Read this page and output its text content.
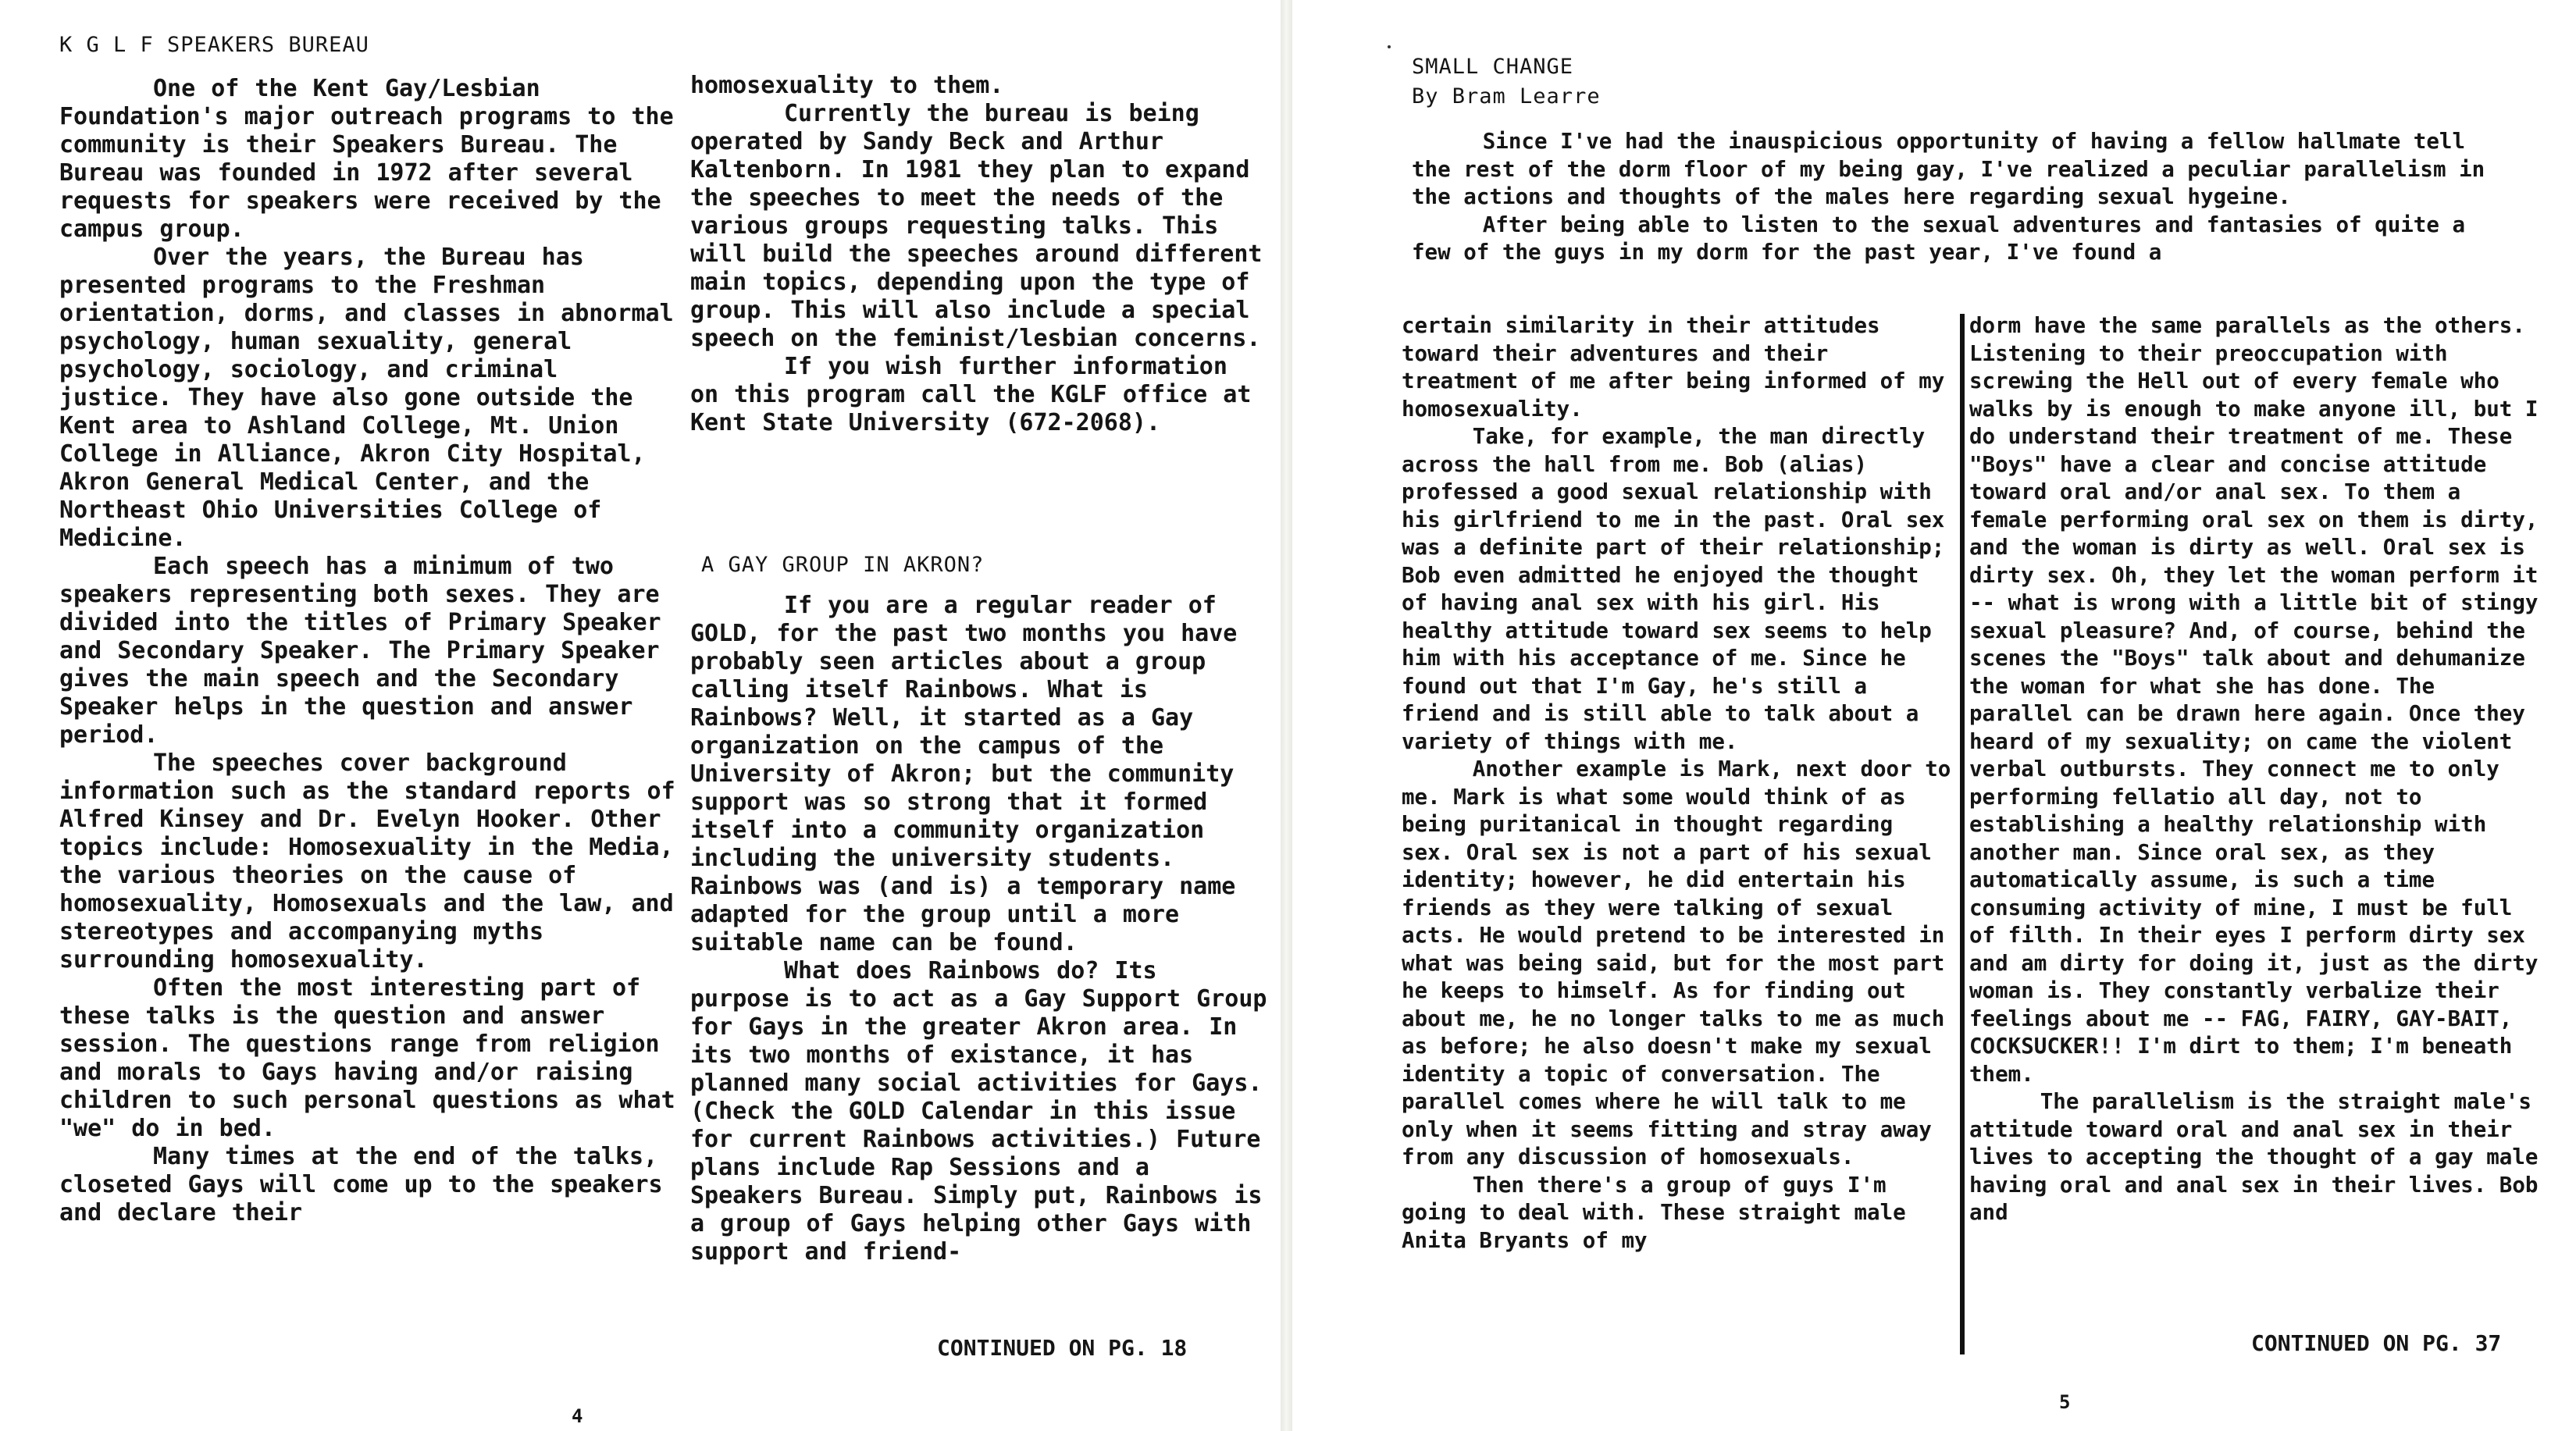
K G L F SPEAKERS BUREAU

One of the Kent Gay/Lesbian Foundation's major outreach programs to the community is their Speakers Bureau. The Bureau was founded in 1972 after several requests for speakers were received by the campus group.

Over the years, the Bureau has presented programs to the Freshman orientation, dorms, and classes in abnormal psychology, human sexuality, general psychology, sociology, and criminal justice. They have also gone outside the Kent area to Ashland College, Mt. Union College in Alliance, Akron City Hospital, Akron General Medical Center, and the Northeast Ohio Universities College of Medicine.

Each speech has a minimum of two speakers representing both sexes. They are divided into the titles of Primary Speaker and Secondary Speaker. The Primary Speaker gives the main speech and the Secondary Speaker helps in the question and answer period.

The speeches cover background information such as the standard reports of Alfred Kinsey and Dr. Evelyn Hooker. Other topics include: Homosexuality in the Media, the various theories on the cause of homosexuality, Homosexuals and the law, and stereotypes and accompanying myths surrounding homosexuality.

Often the most interesting part of these talks is the question and answer session. The questions range from religion and morals to Gays having and/or raising children to such personal questions as what "we" do in bed.

Many times at the end of the talks, closeted Gays will come up to the speakers and declare their

homosexuality to them.

Currently the bureau is being operated by Sandy Beck and Arthur Kaltenborn. In 1981 they plan to expand the speeches to meet the needs of the various groups requesting talks. This will build the speeches around different main topics, depending upon the type of group. This will also include a special speech on the feminist/lesbian concerns.

If you wish further information on this program call the KGLF office at Kent State University (672-2068).

A GAY GROUP IN AKRON?

If you are a regular reader of GOLD, for the past two months you have probably seen articles about a group calling itself Rainbows. What is Rainbows? Well, it started as a Gay organization on the campus of the University of Akron; but the community support was so strong that it formed itself into a community organization including the university students. Rainbows was (and is) a temporary name adapted for the group until a more suitable name can be found.

What does Rainbows do? Its purpose is to act as a Gay Support Group for Gays in the greater Akron area. In its two months of existance, it has planned many social activities for Gays. (Check the GOLD Calendar in this issue for current Rainbows activities.) Future plans include Rap Sessions and a Speakers Bureau. Simply put, Rainbows is a group of Gays helping other Gays with support and friend-

CONTINUED ON PG. 18
4
SMALL CHANGE
By Bram Learre

Since I've had the inauspicious opportunity of having a fellow hallmate tell the rest of the dorm floor of my being gay, I've realized a peculiar parallelism in the actions and thoughts of the males here regarding sexual hygeine.

After being able to listen to the sexual adventures and fantasies of quite a few of the guys in my dorm for the past year, I've found a

certain similarity in their attitudes toward their adventures and their treatment of me after being informed of my homosexuality.

Take, for example, the man directly across the hall from me. Bob (alias) professed a good sexual relationship with his girlfriend to me in the past. Oral sex was a definite part of their relationship; Bob even admitted he enjoyed the thought of having anal sex with his girl. His healthy attitude toward sex seems to help him with his acceptance of me. Since he found out that I'm Gay, he's still a friend and is still able to talk about a variety of things with me.

Another example is Mark, next door to me. Mark is what some would think of as being puritanical in thought regarding sex. Oral sex is not a part of his sexual identity; however, he did entertain his friends as they were talking of sexual acts. He would pretend to be interested in what was being said, but for the most part he keeps to himself. As for finding out about me, he no longer talks to me as much as before; he also doesn't make my sexual identity a topic of conversation. The parallel comes where he will talk to me only when it seems fitting and stray away from any discussion of homosexuals.

Then there's a group of guys I'm going to deal with. These straight male Anita Bryants of my

dorm have the same parallels as the others. Listening to their preoccupation with screwing the Hell out of every female who walks by is enough to make anyone ill, but I do understand their treatment of me. These "Boys" have a clear and concise attitude toward oral and/or anal sex. To them a female performing oral sex on them is dirty, and the woman is dirty as well. Oral sex is dirty sex. Oh, they let the woman perform it -- what is wrong with a little bit of stingy sexual pleasure? And, of course, behind the scenes the "Boys" talk about and dehumanize the woman for what she has done. The parallel can be drawn here again. Once they heard of my sexuality; on came the violent verbal outbursts. They connect me to only performing fellatio all day, not to establishing a healthy relationship with another man. Since oral sex, as they automatically assume, is such a time consuming activity of mine, I must be full of filth. In their eyes I perform dirty sex and am dirty for doing it, just as the dirty woman is. They constantly verbalize their feelings about me -- FAG, FAIRY, GAY-BAIT, COCKSUCKER!! I'm dirt to them; I'm beneath them.

The parallelism is the straight male's attitude toward oral and anal sex in their lives to accepting the thought of a gay male having oral and anal sex in their lives. Bob and

CONTINUED ON PG. 37
5
